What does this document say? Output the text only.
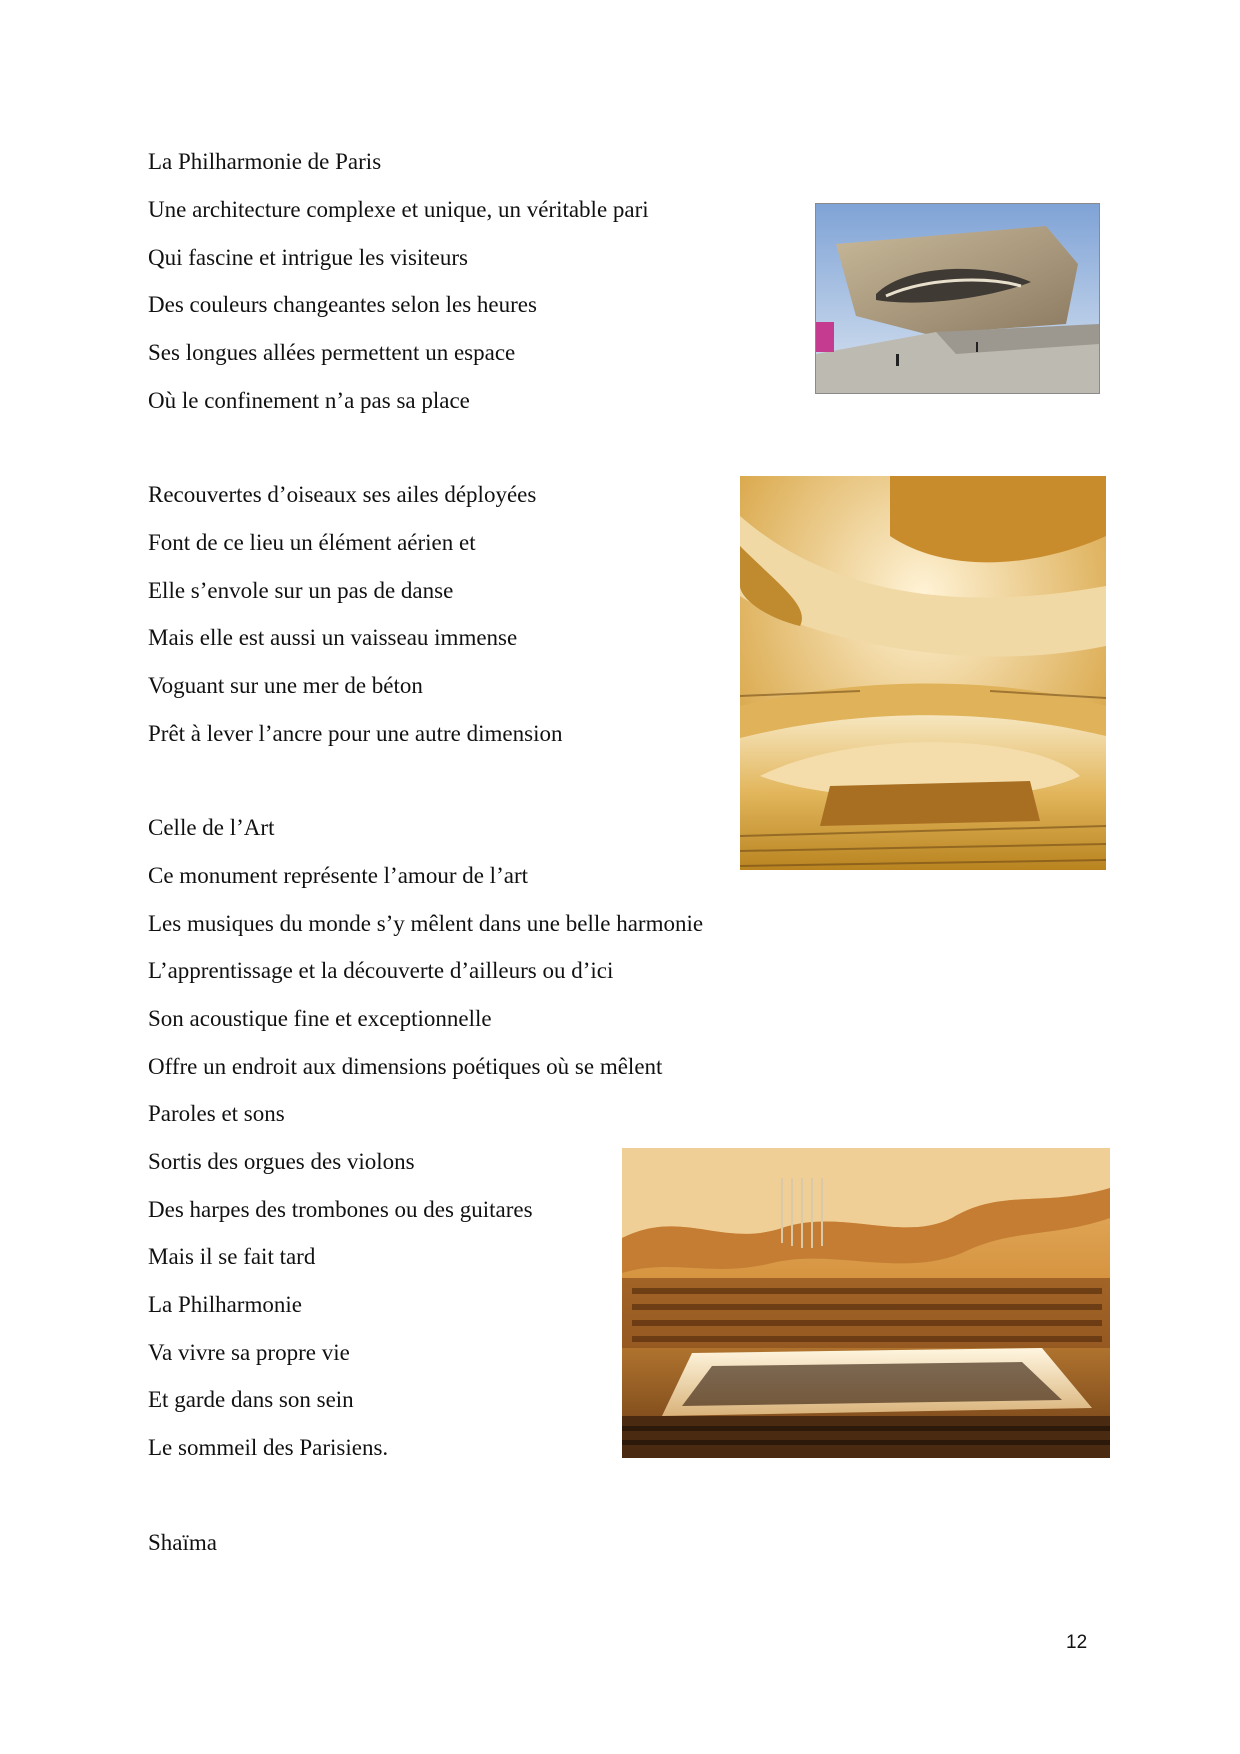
La Philharmonie de Paris
Une architecture complexe et unique, un véritable pari
Qui fascine et intrigue les visiteurs
Des couleurs changeantes selon les heures
Ses longues allées permettent un espace
Où le confinement n’a pas sa place
Recouvertes d’oiseaux ses ailes déployées
Font de ce lieu un élément aérien et
Elle s’envole sur un pas de danse
Mais elle est aussi un vaisseau immense
Voguant sur une mer de béton
Prêt à lever l’ancre pour une autre dimension
Celle de l’Art
Ce monument représente l’amour de l’art
Les musiques du monde s’y mêlent dans une belle harmonie
L’apprentissage et la découverte d’ailleurs ou d’ici
Son acoustique fine et exceptionnelle
Offre un endroit aux dimensions poétiques où se mêlent
Paroles et sons
Sortis des orgues des violons
Des harpes des trombones ou des guitares
Mais il se fait tard
La Philharmonie
Va vivre sa propre vie
Et garde dans son sein
Le sommeil des Parisiens.
Shaïma
12
